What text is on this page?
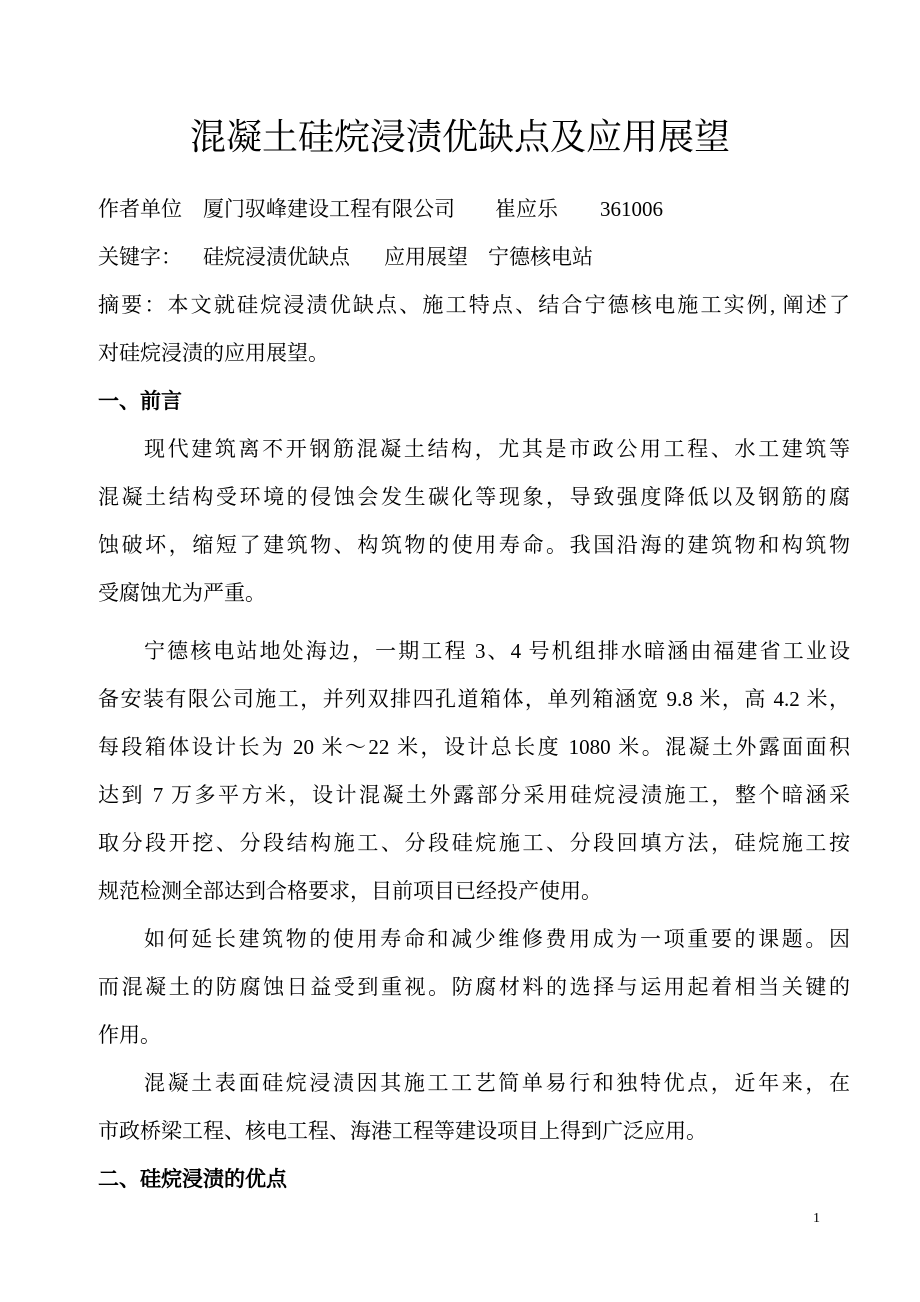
混凝土硅烷浸渍优缺点及应用展望
作者单位 厦门驭峰建设工程有限公司 崔应乐 361006
关键字： 硅烷浸渍优缺点 应用展望 宁德核电站
摘要：本文就硅烷浸渍优缺点、施工特点、结合宁德核电施工实例, 阐述了
对硅烷浸渍的应用展望。
一、前言
现代建筑离不开钢筋混凝土结构，尤其是市政公用工程、水工建筑等
混凝土结构受环境的侵蚀会发生碳化等现象，导致强度降低以及钢筋的腐
蚀破坏，缩短了建筑物、构筑物的使用寿命。我国沿海的建筑物和构筑物
受腐蚀尤为严重。
宁德核电站地处海边，一期工程 3、4 号机组排水暗涵由福建省工业设
备安装有限公司施工，并列双排四孔道箱体，单列箱涵宽 9.8 米，高 4.2 米，
每段箱体设计长为 20 米～22 米，设计总长度 1080 米。混凝土外露面面积
达到 7 万多平方米，设计混凝土外露部分采用硅烷浸渍施工，整个暗涵采
取分段开挖、分段结构施工、分段硅烷施工、分段回填方法，硅烷施工按
规范检测全部达到合格要求，目前项目已经投产使用。
如何延长建筑物的使用寿命和减少维修费用成为一项重要的课题。因
而混凝土的防腐蚀日益受到重视。防腐材料的选择与运用起着相当关键的
作用。
混凝土表面硅烷浸渍因其施工工艺简单易行和独特优点，近年来，在
市政桥梁工程、核电工程、海港工程等建设项目上得到广泛应用。
二、硅烷浸渍的优点
1
